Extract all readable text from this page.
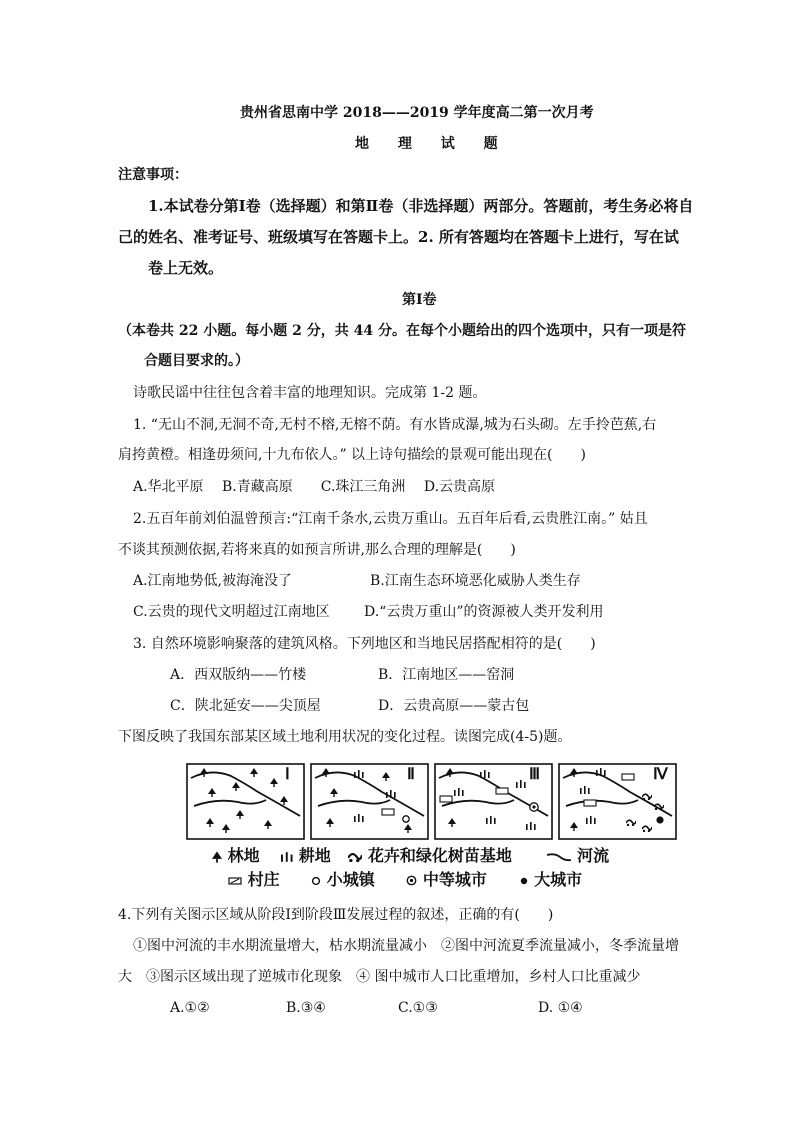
贵州省思南中学 2018——2019 学年度高二第一次月考
地 理 试 题
注意事项：
1.本试卷分第Ⅰ卷（选择题）和第Ⅱ卷（非选择题）两部分。答题前，考生务必将自
己的姓名、准考证号、班级填写在答题卡上。2. 所有答题均在答题卡上进行，写在试
卷上无效。
第Ⅰ卷
（本卷共 22 小题。每小题 2 分，共 44 分。在每个小题给出的四个选项中，只有一项是符
合题目要求的。）
诗歌民谣中往往包含着丰富的地理知识。完成第 1-2 题。
1. “无山不洞,无洞不奇,无村不榕,无榕不荫。有水皆成瀑,城为石头砌。左手拎芭蕉,右
肩挎黄橙。相逢毋须问,十九布依人。” 以上诗句描绘的景观可能出现在(　　)
A.华北平原　 B.青藏高原　　C.珠江三角洲　 D.云贵高原
2.五百年前刘伯温曾预言:“江南千条水,云贵万重山。五百年后看,云贵胜江南。” 姑且
不谈其预测依据,若将来真的如预言所讲,那么合理的理解是(　　)
A.江南地势低,被海淹没了	B.江南生态环境恶化威胁人类生存
C.云贵的现代文明超过江南地区 D.“云贵万重山”的资源被人类开发利用
3. 自然环境影响聚落的建筑风格。下列地区和当地民居搭配相符的是(　　)
A．西双版纳——竹楼	B．江南地区——窑洞
C．陕北延安——尖顶屋	D．云贵高原——蒙古包
下图反映了我国东部某区域土地利用状况的变化过程。读图完成(4-5)题。
Ⅰ	Ⅱ	Ⅲ	Ⅳ
林地 耕地 花卉和绿化树苗基地	河流
村庄	小城镇	中等城市	大城市
4.下列有关图示区域从阶段Ⅰ到阶段Ⅲ发展过程的叙述，正确的有(　　)
①图中河流的丰水期流量增大，枯水期流量减小　②图中河流夏季流量减小，冬季流量增
大　③图示区域出现了逆城市化现象　④ 图中城市人口比重增加，乡村人口比重减少
A.①②	B.③④	C.①③	D. ①④
